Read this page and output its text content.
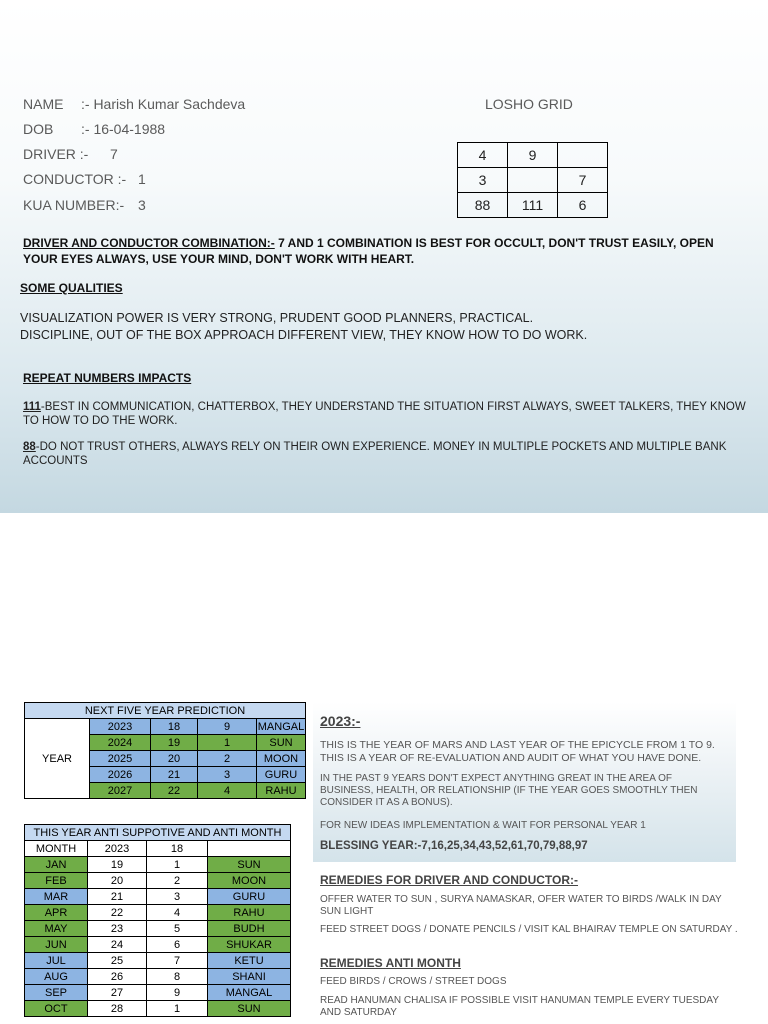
NAME :- Harish Kumar Sachdeva
DOB :- 16-04-1988
DRIVER :- 7
CONDUCTOR :- 1
KUA NUMBER:- 3
LOSHO GRID
4	9	
3		7
88	111	6
DRIVER AND CONDUCTOR COMBINATION:- 7 AND 1 COMBINATION IS BEST FOR OCCULT, DON'T TRUST EASILY, OPEN YOUR EYES ALWAYS, USE YOUR MIND, DON'T WORK WITH HEART.
SOME QUALITIES
VISUALIZATION POWER IS VERY STRONG, PRUDENT GOOD PLANNERS, PRACTICAL.
DISCIPLINE, OUT OF THE BOX APPROACH DIFFERENT VIEW, THEY KNOW HOW TO DO WORK.
REPEAT NUMBERS IMPACTS
111-BEST IN COMMUNICATION, CHATTERBOX, THEY UNDERSTAND THE SITUATION FIRST ALWAYS, SWEET TALKERS, THEY KNOW TO HOW TO DO THE WORK.
88-DO NOT TRUST OTHERS, ALWAYS RELY ON THEIR OWN EXPERIENCE. MONEY IN MULTIPLE POCKETS AND MULTIPLE BANK ACCOUNTS
NEXT FIVE YEAR PREDICTION				
YEAR	2023	18	9	MANGAL
	2024	19	1	SUN
	2025	20	2	MOON
	2026	21	3	GURU
	2027	22	4	RAHU
THIS YEAR ANTI SUPPOTIVE AND ANTI MONTH			
MONTH	2023	18	
JAN	19	1	SUN
FEB	20	2	MOON
MAR	21	3	GURU
APR	22	4	RAHU
MAY	23	5	BUDH
JUN	24	6	SHUKAR
JUL	25	7	KETU
AUG	26	8	SHANI
SEP	27	9	MANGAL
OCT	28	1	SUN
2023:-
THIS IS THE YEAR OF MARS AND LAST YEAR OF THE EPICYCLE FROM 1 TO 9. THIS IS A YEAR OF RE-EVALUATION AND AUDIT OF WHAT YOU HAVE DONE.
IN THE PAST 9 YEARS DON'T EXPECT ANYTHING GREAT IN THE AREA OF BUSINESS, HEALTH, OR RELATIONSHIP (IF THE YEAR GOES SMOOTHLY THEN CONSIDER IT AS A BONUS).
FOR NEW IDEAS IMPLEMENTATION & WAIT FOR PERSONAL YEAR 1
BLESSING YEAR:-7,16,25,34,43,52,61,70,79,88,97
REMEDIES FOR DRIVER AND CONDUCTOR:-
OFFER WATER TO SUN , SURYA NAMASKAR, OFER WATER TO BIRDS /WALK IN DAY SUN LIGHT
FEED STREET DOGS / DONATE PENCILS / VISIT KAL BHAIRAV TEMPLE ON SATURDAY .
REMEDIES ANTI MONTH
FEED BIRDS / CROWS / STREET DOGS
READ HANUMAN CHALISA IF POSSIBLE VISIT HANUMAN TEMPLE EVERY TUESDAY AND SATURDAY
